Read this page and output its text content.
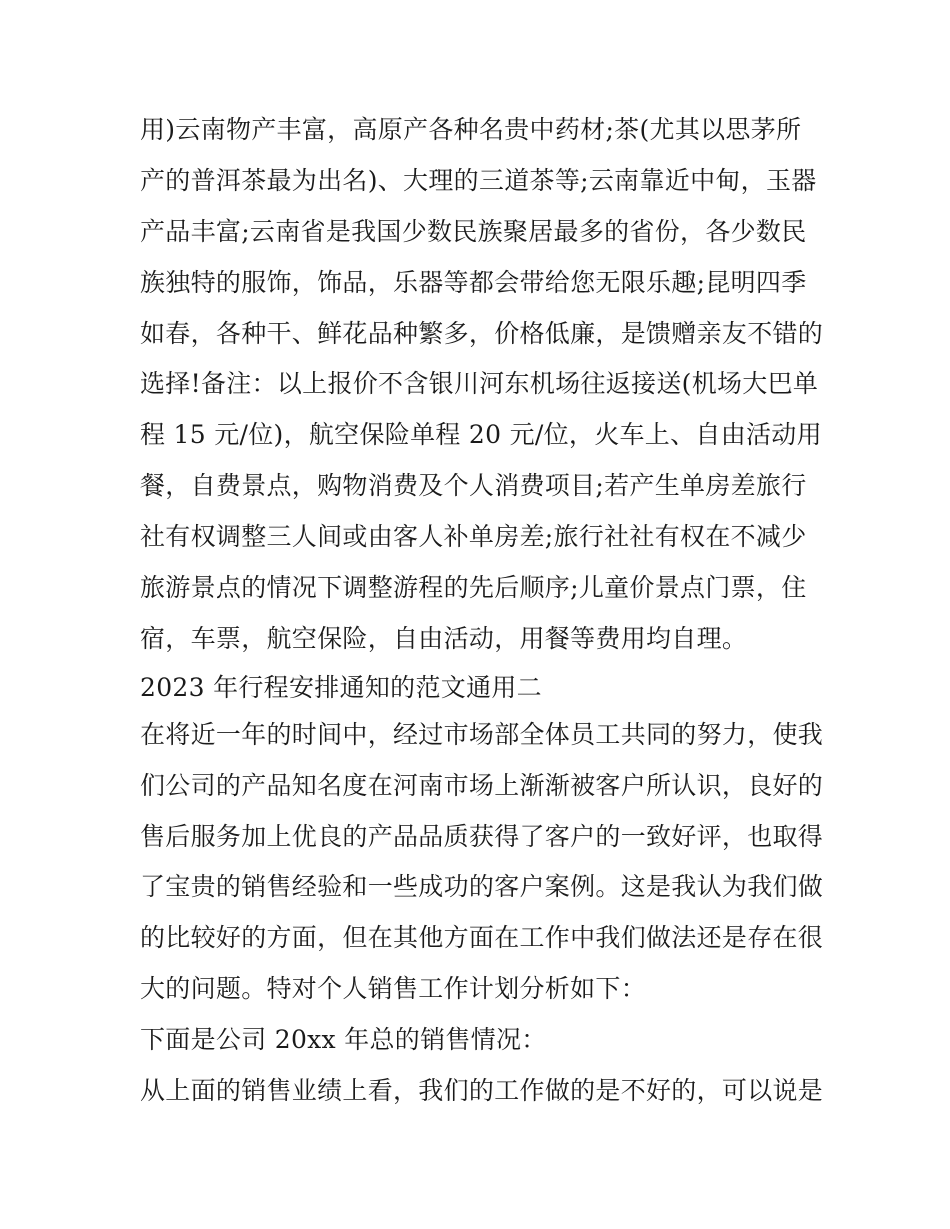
用)云南物产丰富，高原产各种名贵中药材;茶(尤其以思茅所
产的普洱茶最为出名)、大理的三道茶等;云南靠近中甸，玉器
产品丰富;云南省是我国少数民族聚居最多的省份，各少数民
族独特的服饰，饰品，乐器等都会带给您无限乐趣;昆明四季
如春，各种干、鲜花品种繁多，价格低廉，是馈赠亲友不错的
选择!备注：以上报价不含银川河东机场往返接送(机场大巴单
程 15 元/位)，航空保险单程 20 元/位，火车上、自由活动用
餐，自费景点，购物消费及个人消费项目;若产生单房差旅行
社有权调整三人间或由客人补单房差;旅行社社有权在不减少
旅游景点的情况下调整游程的先后顺序;儿童价景点门票，住
宿，车票，航空保险，自由活动，用餐等费用均自理。
2023 年行程安排通知的范文通用二
在将近一年的时间中，经过市场部全体员工共同的努力，使我
们公司的产品知名度在河南市场上渐渐被客户所认识，良好的
售后服务加上优良的产品品质获得了客户的一致好评，也取得
了宝贵的销售经验和一些成功的客户案例。这是我认为我们做
的比较好的方面，但在其他方面在工作中我们做法还是存在很
大的问题。特对个人销售工作计划分析如下：
下面是公司 20xx 年总的销售情况：
从上面的销售业绩上看，我们的工作做的是不好的，可以说是
